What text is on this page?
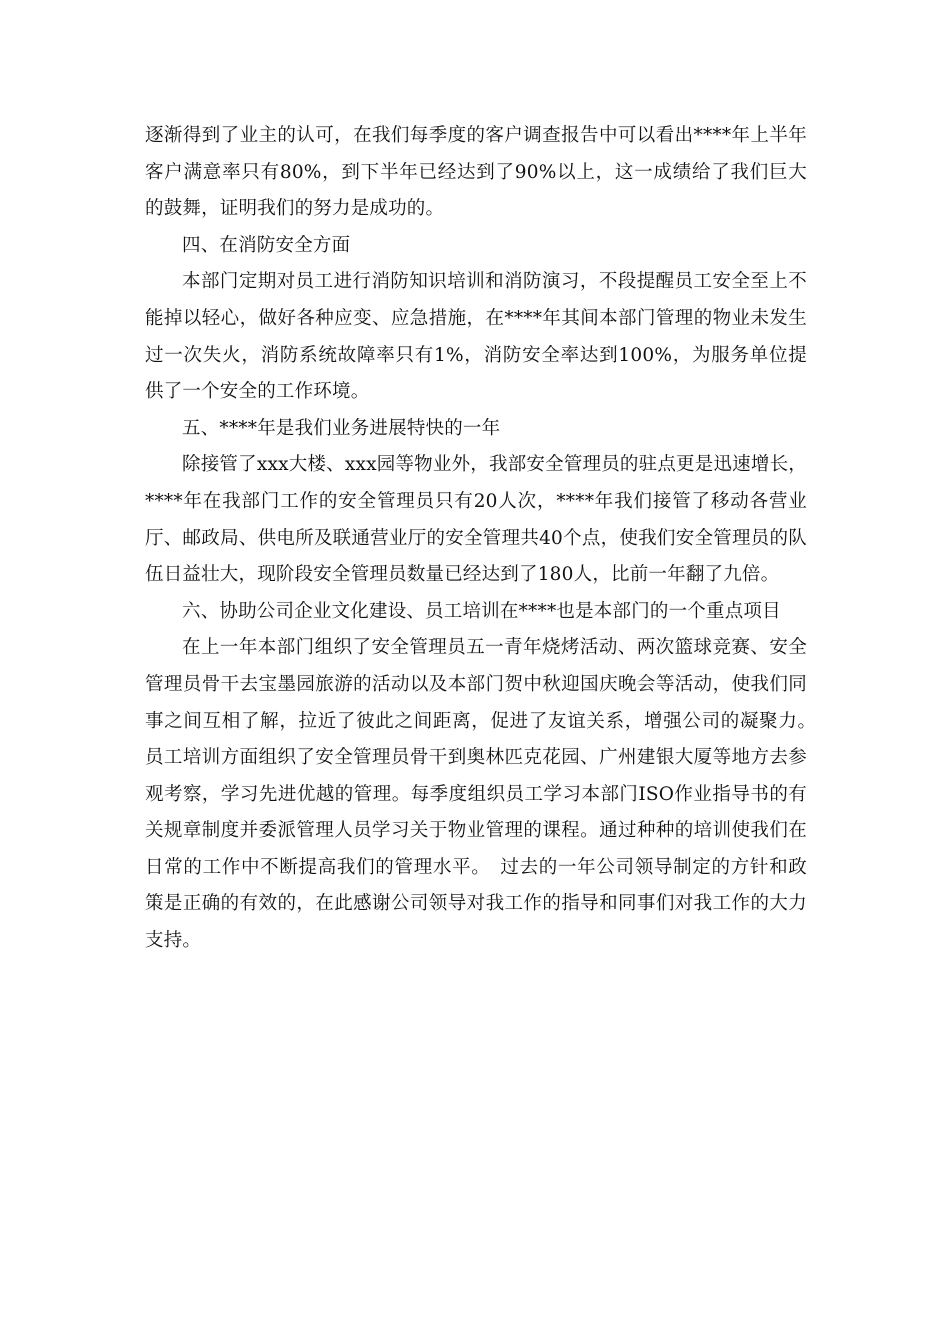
逐渐得到了业主的认可，在我们每季度的客户调查报告中可以看出****年上半年客户满意率只有80%，到下半年已经达到了90%以上，这一成绩给了我们巨大的鼓舞，证明我们的努力是成功的。

四、在消防安全方面

本部门定期对员工进行消防知识培训和消防演习，不段提醒员工安全至上不能掉以轻心，做好各种应变、应急措施，在****年其间本部门管理的物业未发生过一次失火，消防系统故障率只有1%，消防安全率达到100%，为服务单位提供了一个安全的工作环境。

五、****年是我们业务进展特快的一年

除接管了xxx大楼、xxx园等物业外，我部安全管理员的驻点更是迅速增长，****年在我部门工作的安全管理员只有20人次，****年我们接管了移动各营业厅、邮政局、供电所及联通营业厅的安全管理共40个点，使我们安全管理员的队伍日益壮大，现阶段安全管理员数量已经达到了180人，比前一年翻了九倍。

六、协助公司企业文化建设、员工培训在****也是本部门的一个重点项目

在上一年本部门组织了安全管理员五一青年烧烤活动、两次篮球竞赛、安全管理员骨干去宝墨园旅游的活动以及本部门贺中秋迎国庆晚会等活动，使我们同事之间互相了解，拉近了彼此之间距离，促进了友谊关系，增强公司的凝聚力。　员工培训方面组织了安全管理员骨干到奥林匹克花园、广州建银大厦等地方去参观考察，学习先进优越的管理。每季度组织员工学习本部门ISO作业指导书的有关规章制度并委派管理人员学习关于物业管理的课程。通过种种的培训使我们在日常的工作中不断提高我们的管理水平。　过去的一年公司领导制定的方针和政策是正确的有效的，在此感谢公司领导对我工作的指导和同事们对我工作的大力支持。
